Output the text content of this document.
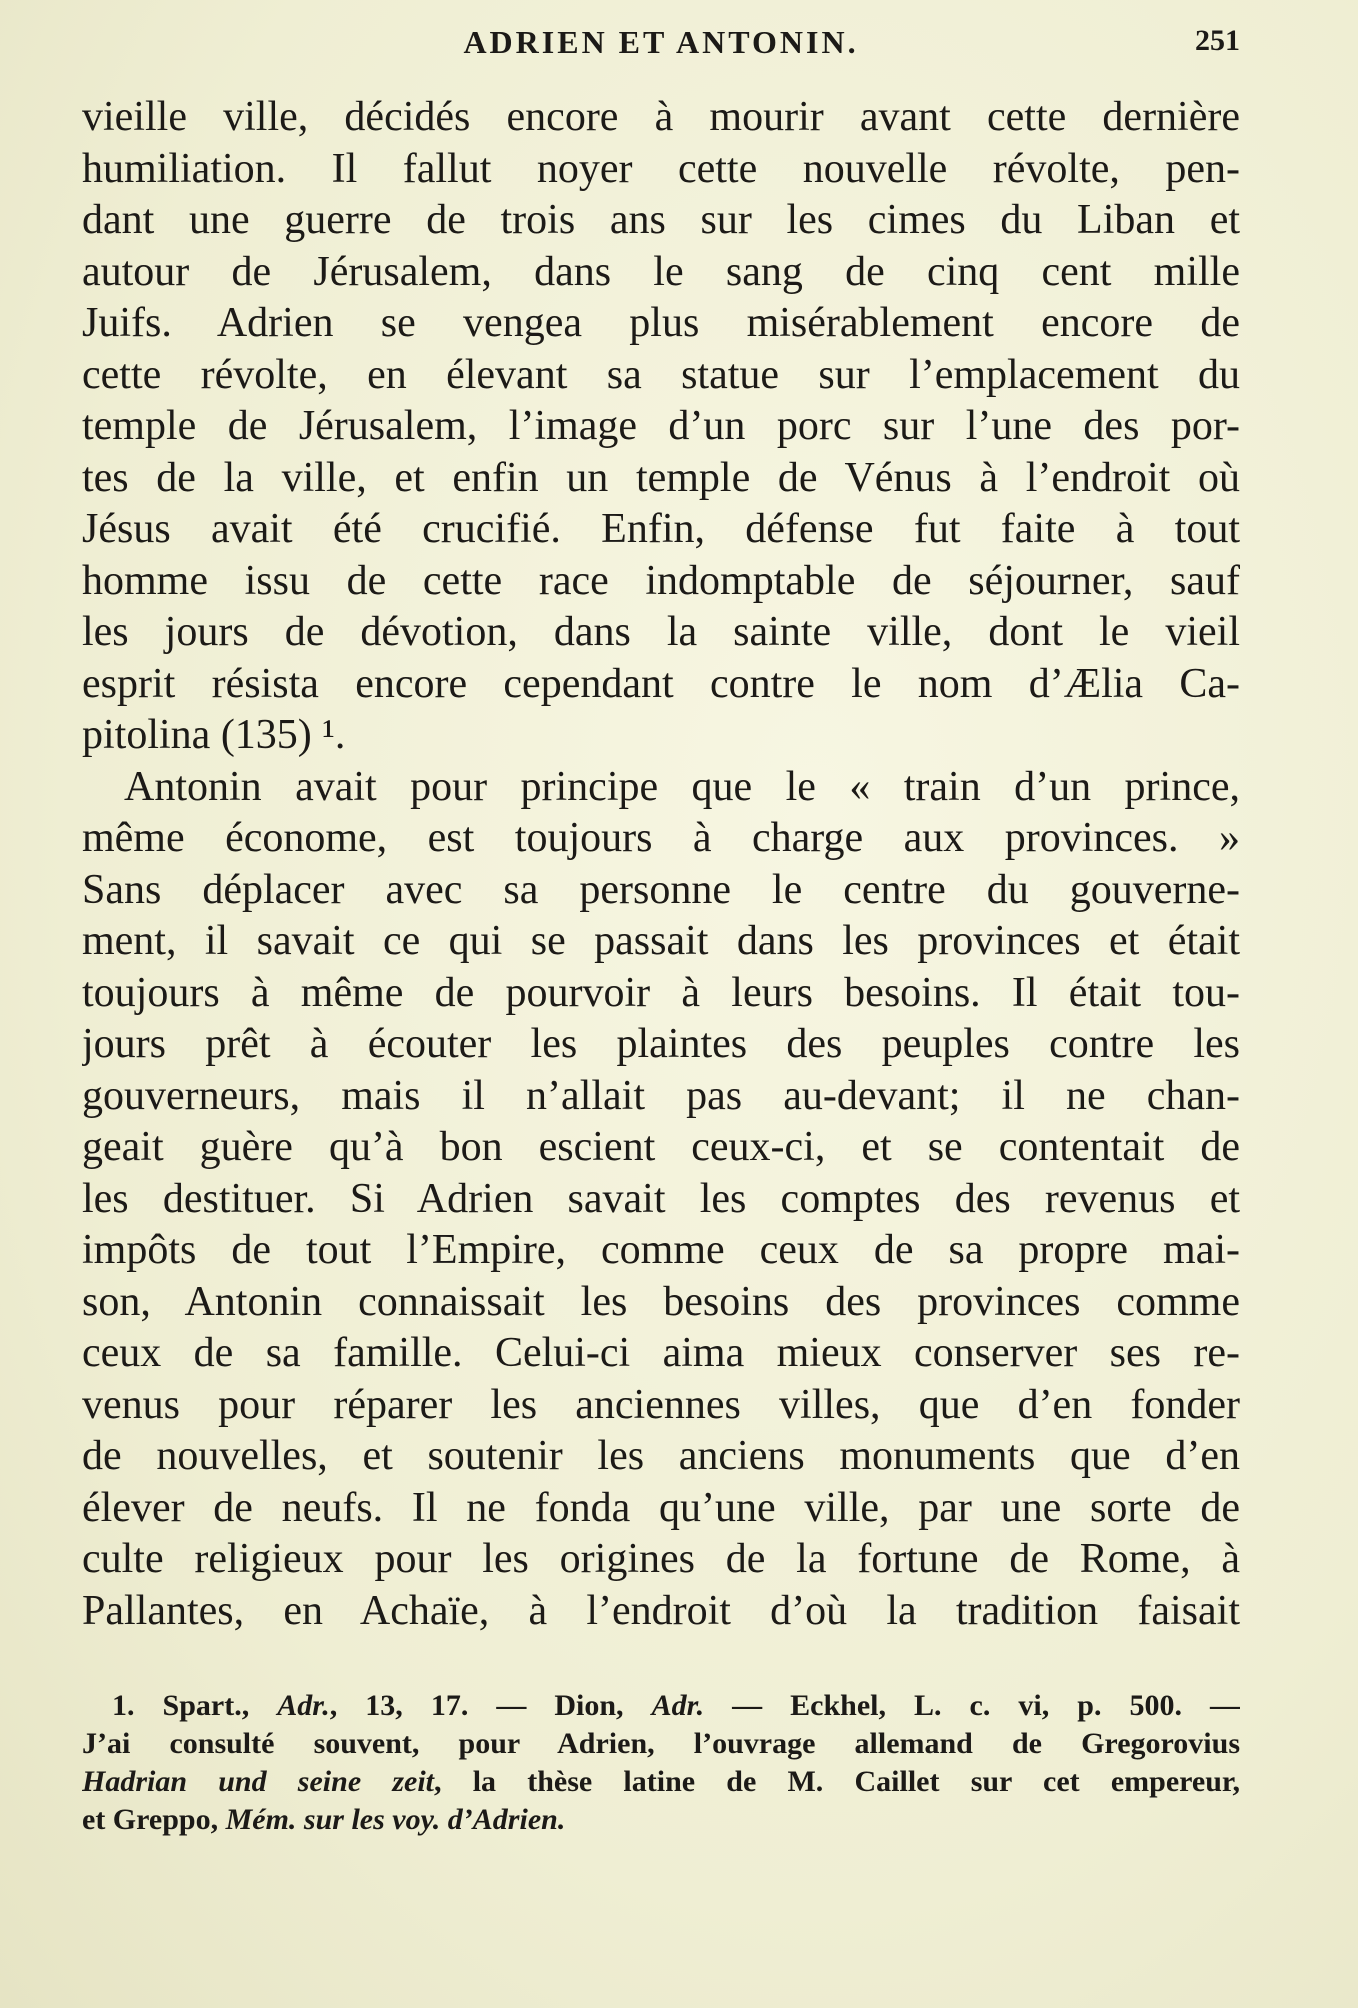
ADRIEN ET ANTONIN.	251
vieille ville, décidés encore à mourir avant cette dernière
humiliation. Il fallut noyer cette nouvelle révolte, pen-
dant une guerre de trois ans sur les cimes du Liban et
autour de Jérusalem, dans le sang de cinq cent mille
Juifs. Adrien se vengea plus misérablement encore de
cette révolte, en élevant sa statue sur l’emplacement du
temple de Jérusalem, l’image d’un porc sur l’une des por-
tes de la ville, et enfin un temple de Vénus à l’endroit où
Jésus avait été crucifié. Enfin, défense fut faite à tout
homme issu de cette race indomptable de séjourner, sauf
les jours de dévotion, dans la sainte ville, dont le vieil
esprit résista encore cependant contre le nom d’Ælia Ca-
pitolina (135) ¹.
Antonin avait pour principe que le « train d’un prince,
même économe, est toujours à charge aux provinces. »
Sans déplacer avec sa personne le centre du gouverne-
ment, il savait ce qui se passait dans les provinces et était
toujours à même de pourvoir à leurs besoins. Il était tou-
jours prêt à écouter les plaintes des peuples contre les
gouverneurs, mais il n’allait pas au-devant; il ne chan-
geait guère qu’à bon escient ceux-ci, et se contentait de
les destituer. Si Adrien savait les comptes des revenus et
impôts de tout l’Empire, comme ceux de sa propre mai-
son, Antonin connaissait les besoins des provinces comme
ceux de sa famille. Celui-ci aima mieux conserver ses re-
venus pour réparer les anciennes villes, que d’en fonder
de nouvelles, et soutenir les anciens monuments que d’en
élever de neufs. Il ne fonda qu’une ville, par une sorte de
culte religieux pour les origines de la fortune de Rome, à
Pallantes, en Achaïe, à l’endroit d’où la tradition faisait
1. Spart., Adr., 13, 17. — Dion, Adr. — Eckhel, L. c. vi, p. 500. —
J’ai consulté souvent, pour Adrien, l’ouvrage allemand de Gregorovius
Hadrian und seine zeit, la thèse latine de M. Caillet sur cet empereur,
et Greppo, Mém. sur les voy. d’Adrien.
